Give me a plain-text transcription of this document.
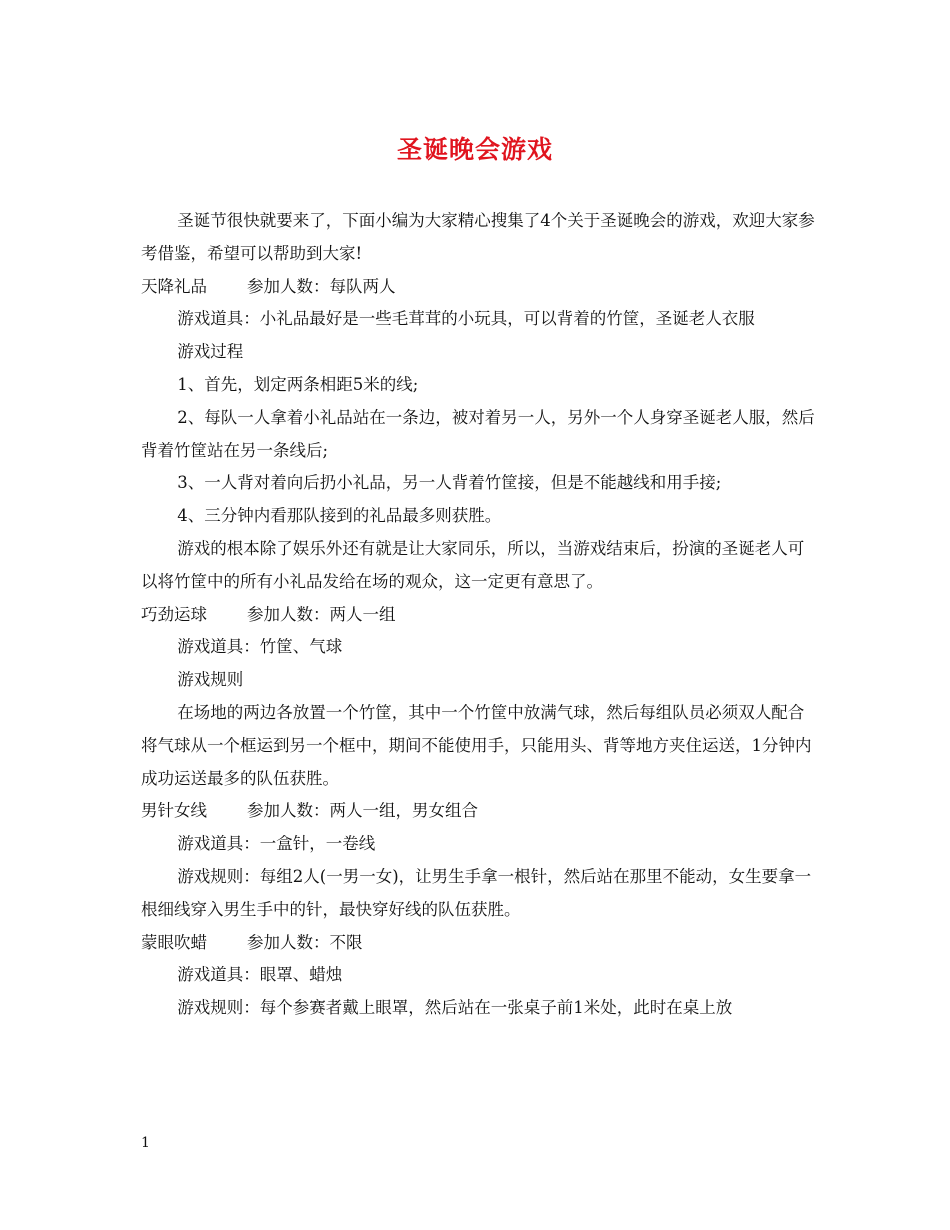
圣诞晚会游戏

圣诞节很快就要来了，下面小编为大家精心搜集了4个关于圣诞晚会的游戏，欢迎大家参考借鉴，希望可以帮助到大家!

天降礼品 参加人数：每队两人

游戏道具：小礼品最好是一些毛茸茸的小玩具，可以背着的竹筐，圣诞老人衣服

游戏过程

1、首先，划定两条相距5米的线;

2、每队一人拿着小礼品站在一条边，被对着另一人，另外一个人身穿圣诞老人服，然后背着竹筐站在另一条线后;

3、一人背对着向后扔小礼品，另一人背着竹筐接，但是不能越线和用手接;

4、三分钟内看那队接到的礼品最多则获胜。

游戏的根本除了娱乐外还有就是让大家同乐，所以，当游戏结束后，扮演的圣诞老人可以将竹筐中的所有小礼品发给在场的观众，这一定更有意思了。

巧劲运球 参加人数：两人一组

游戏道具：竹筐、气球

游戏规则

在场地的两边各放置一个竹筐，其中一个竹筐中放满气球，然后每组队员必须双人配合将气球从一个框运到另一个框中，期间不能使用手，只能用头、背等地方夹住运送，1分钟内成功运送最多的队伍获胜。

男针女线 参加人数：两人一组，男女组合

游戏道具：一盒针，一卷线

游戏规则：每组2人(一男一女)，让男生手拿一根针，然后站在那里不能动，女生要拿一根细线穿入男生手中的针，最快穿好线的队伍获胜。

蒙眼吹蜡 参加人数：不限

游戏道具：眼罩、蜡烛

游戏规则：每个参赛者戴上眼罩，然后站在一张桌子前1米处，此时在桌上放

1
